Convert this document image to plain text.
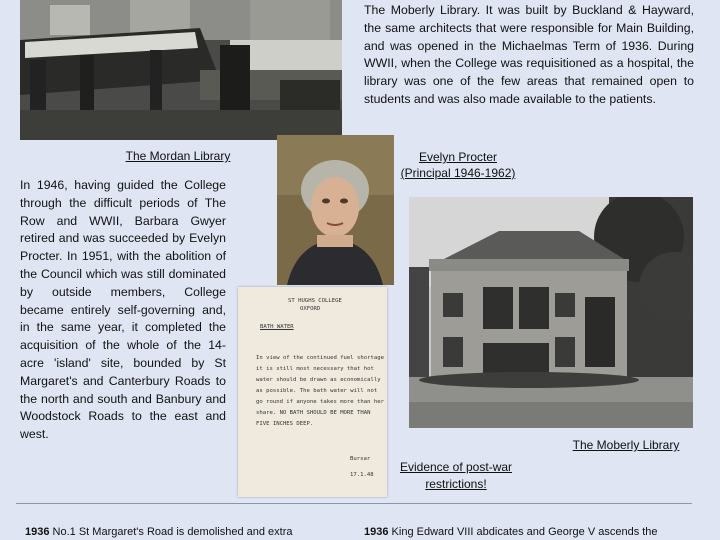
The Moberly Library. It was built by Buckland & Hayward, the same architects that were responsible for Main Building, and was opened in the Michaelmas Term of 1936. During WWII, when the College was requisitioned as a hospital, the library was one of the few areas that remained open to students and was also made available to the patients.

The Mordan Library	Evelyn Procter
(Principal 1946-1962)

In 1946, having guided the College through the difficult periods of The Row and WWII, Barbara Gwyer retired and was succeeded by Evelyn Procter. In 1951, with the abolition of the Council which was still dominated by outside members, College became entirely self-governing and, in the same year, it completed the acquisition of the whole of the 14-acre 'island' site, bounded by St Margaret's and Canterbury Roads to the north and south and Banbury and Woodstock Roads to the east and west.

ST HUGHS COLLEGE
OXFORD
BATH WATER
In view of the continued fuel shortage
it is still most necessary that hot
water should be drawn as economically
as possible. The bath water will not
go round if anyone takes more than her
share. NO BATH SHOULD BE MORE THAN
FIVE INCHES DEEP.
Bursar
17.1.48
The Moberly Library
Evidence of post-war
restrictions!
1936 No.1 St Margaret's Road is demolished and extra	1936 King Edward VIII abdicates and George V ascends the
